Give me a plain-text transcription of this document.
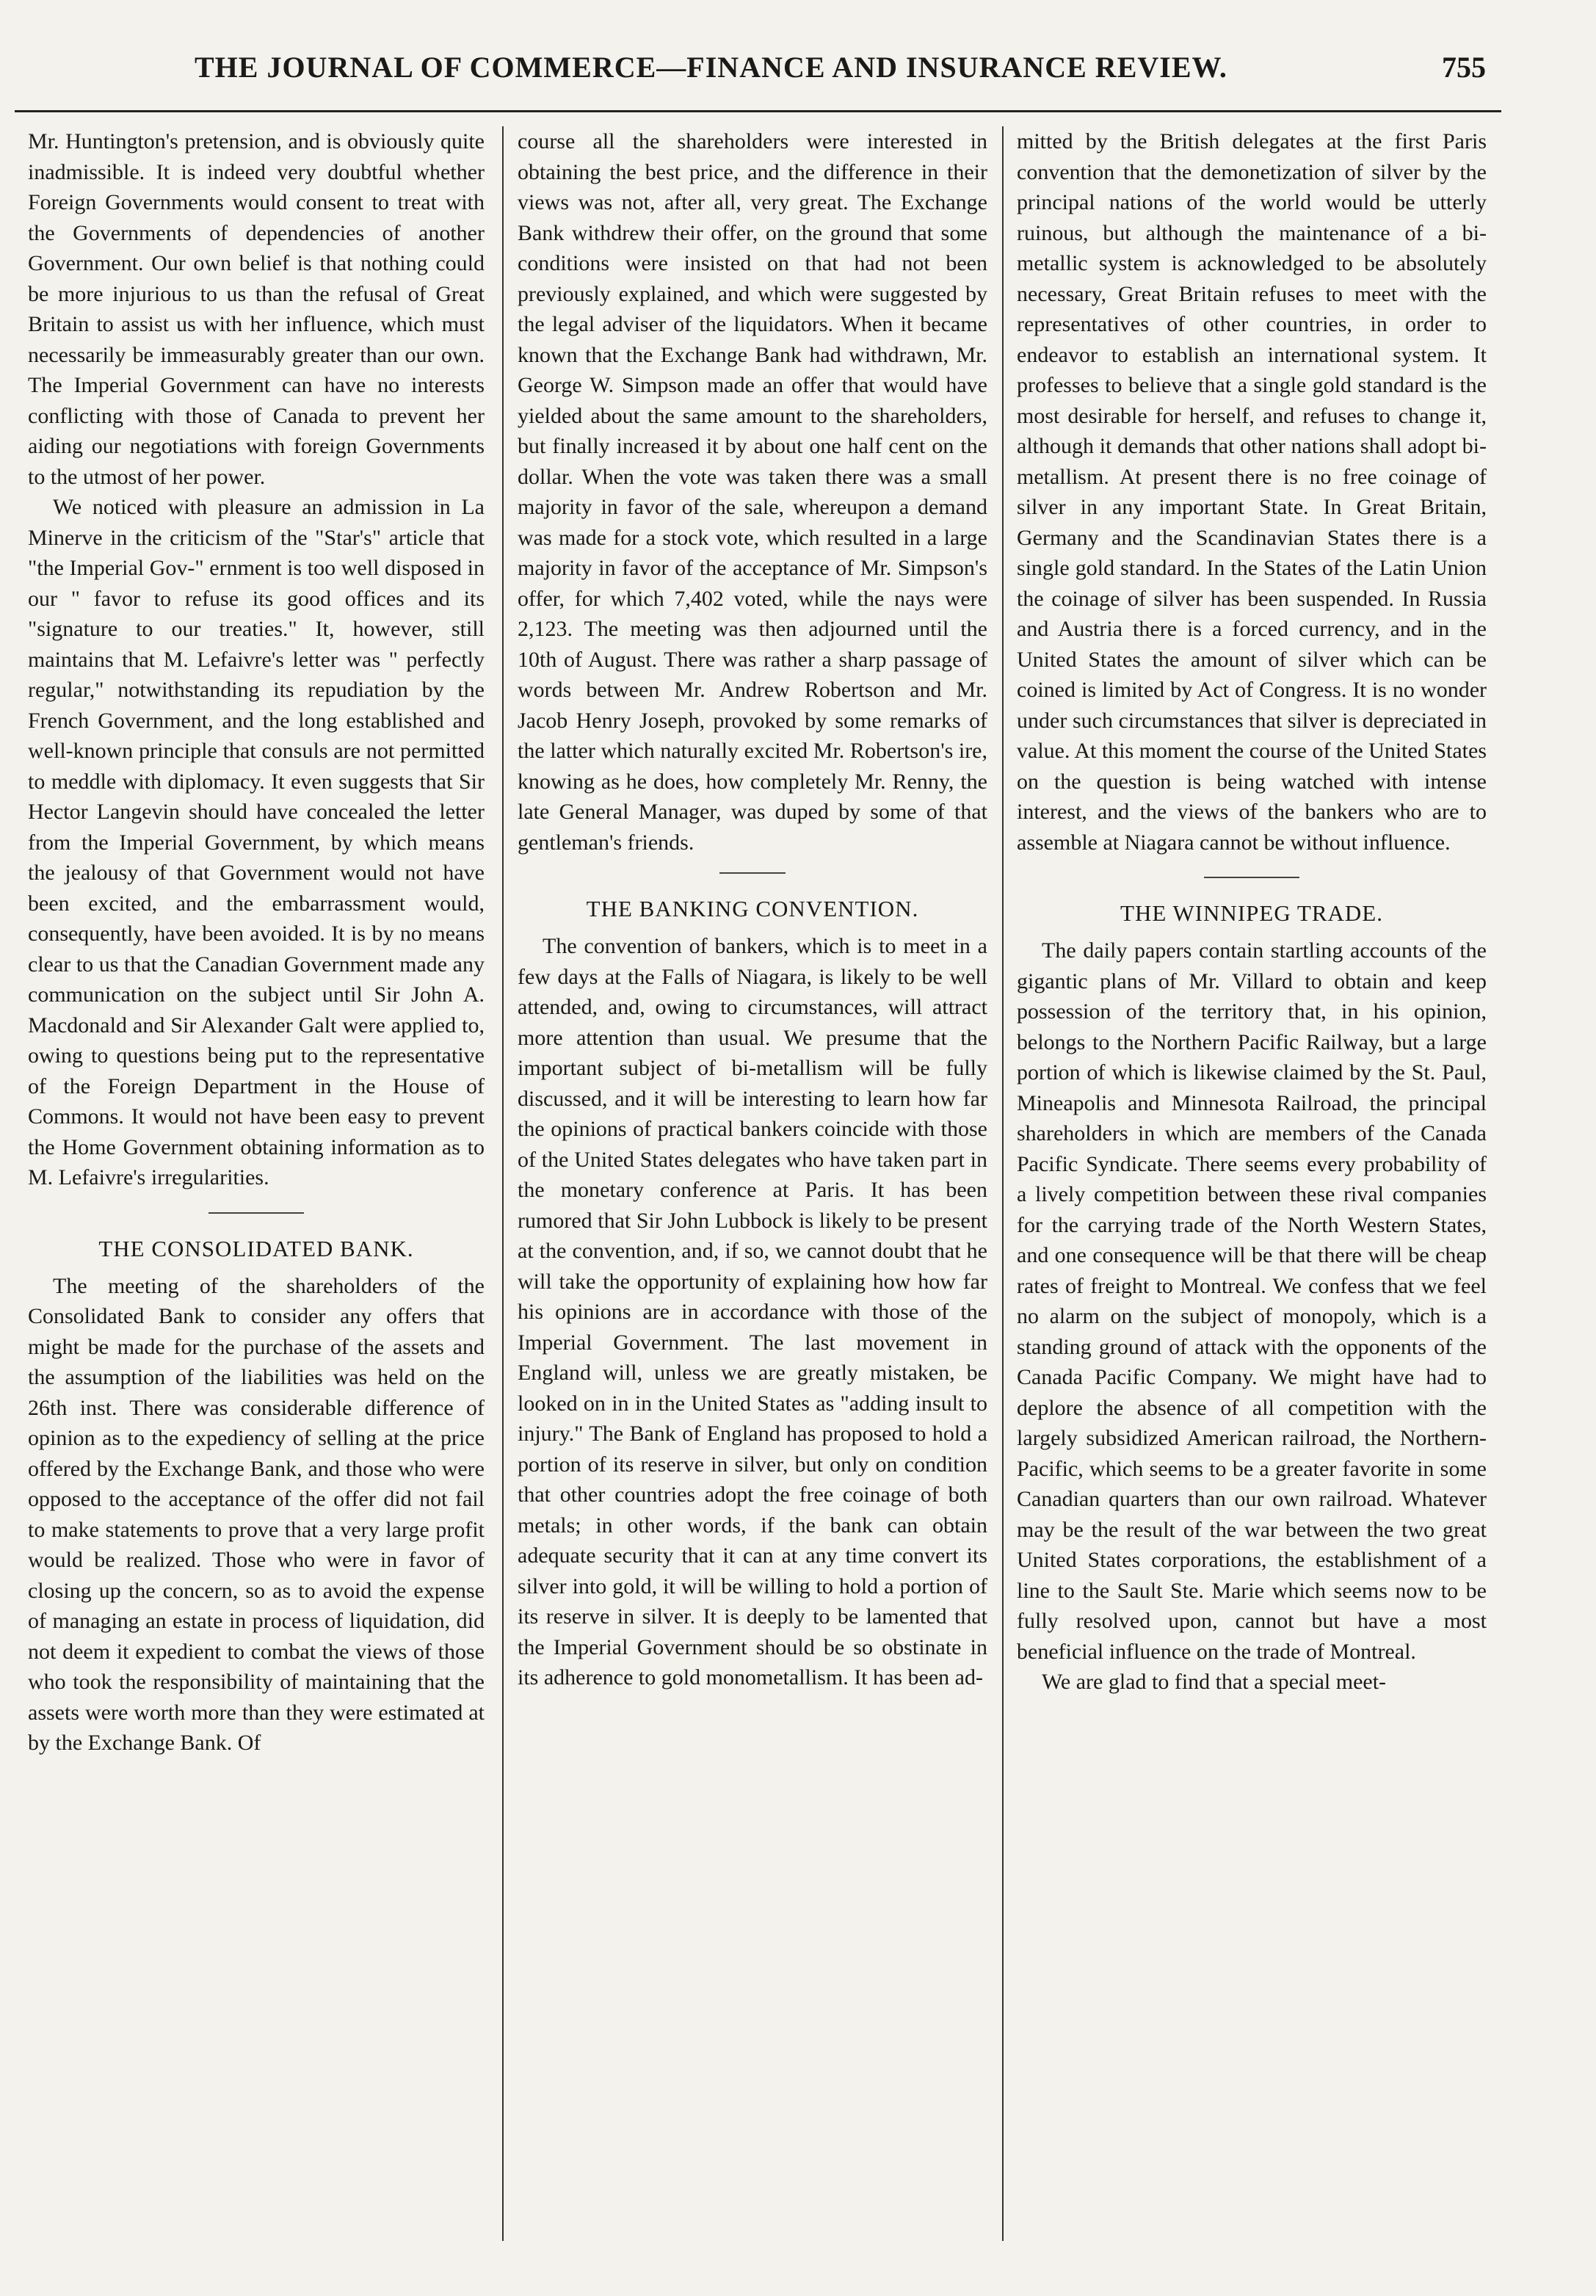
THE JOURNAL OF COMMERCE—FINANCE AND INSURANCE REVIEW.	755

Mr. Huntington's pretension, and is obviously quite inadmissible. It is indeed very doubtful whether Foreign Governments would consent to treat with the Governments of dependencies of another Government. Our own belief is that nothing could be more injurious to us than the refusal of Great Britain to assist us with her influence, which must necessarily be immeasurably greater than our own. The Imperial Government can have no interests conflicting with those of Canada to prevent her aiding our negotiations with foreign Governments to the utmost of her power.

We noticed with pleasure an admission in La Minerve in the criticism of the "Star's" article that "the Imperial Gov-" ernment is too well disposed in our " favor to refuse its good offices and its "signature to our treaties." It, however, still maintains that M. Lefaivre's letter was " perfectly regular," notwithstanding its repudiation by the French Government, and the long established and well-known principle that consuls are not permitted to meddle with diplomacy. It even suggests that Sir Hector Langevin should have concealed the letter from the Imperial Government, by which means the jealousy of that Government would not have been excited, and the embarrassment would, consequently, have been avoided. It is by no means clear to us that the Canadian Government made any communication on the subject until Sir John A. Macdonald and Sir Alexander Galt were applied to, owing to questions being put to the representative of the Foreign Department in the House of Commons. It would not have been easy to prevent the Home Government obtaining information as to M. Lefaivre's irregularities.

THE CONSOLIDATED BANK.

The meeting of the shareholders of the Consolidated Bank to consider any offers that might be made for the purchase of the assets and the assumption of the liabilities was held on the 26th inst. There was considerable difference of opinion as to the expediency of selling at the price offered by the Exchange Bank, and those who were opposed to the acceptance of the offer did not fail to make statements to prove that a very large profit would be realized. Those who were in favor of closing up the concern, so as to avoid the expense of managing an estate in process of liquidation, did not deem it expedient to combat the views of those who took the responsibility of maintaining that the assets were worth more than they were estimated at by the Exchange Bank. Of

course all the shareholders were interested in obtaining the best price, and the difference in their views was not, after all, very great. The Exchange Bank withdrew their offer, on the ground that some conditions were insisted on that had not been previously explained, and which were suggested by the legal adviser of the liquidators. When it became known that the Exchange Bank had withdrawn, Mr. George W. Simpson made an offer that would have yielded about the same amount to the shareholders, but finally increased it by about one half cent on the dollar. When the vote was taken there was a small majority in favor of the sale, whereupon a demand was made for a stock vote, which resulted in a large majority in favor of the acceptance of Mr. Simpson's offer, for which 7,402 voted, while the nays were 2,123. The meeting was then adjourned until the 10th of August. There was rather a sharp passage of words between Mr. Andrew Robertson and Mr. Jacob Henry Joseph, provoked by some remarks of the latter which naturally excited Mr. Robertson's ire, knowing as he does, how completely Mr. Renny, the late General Manager, was duped by some of that gentleman's friends.

THE BANKING CONVENTION.

The convention of bankers, which is to meet in a few days at the Falls of Niagara, is likely to be well attended, and, owing to circumstances, will attract more attention than usual. We presume that the important subject of bi-metallism will be fully discussed, and it will be interesting to learn how far the opinions of practical bankers coincide with those of the United States delegates who have taken part in the monetary conference at Paris. It has been rumored that Sir John Lubbock is likely to be present at the convention, and, if so, we cannot doubt that he will take the opportunity of explaining how how far his opinions are in accordance with those of the Imperial Government. The last movement in England will, unless we are greatly mistaken, be looked on in in the United States as "adding insult to injury." The Bank of England has proposed to hold a portion of its reserve in silver, but only on condition that other countries adopt the free coinage of both metals; in other words, if the bank can obtain adequate security that it can at any time convert its silver into gold, it will be willing to hold a portion of its reserve in silver. It is deeply to be lamented that the Imperial Government should be so obstinate in its adherence to gold monometallism. It has been ad-

mitted by the British delegates at the first Paris convention that the demonetization of silver by the principal nations of the world would be utterly ruinous, but although the maintenance of a bi-metallic system is acknowledged to be absolutely necessary, Great Britain refuses to meet with the representatives of other countries, in order to endeavor to establish an international system. It professes to believe that a single gold standard is the most desirable for herself, and refuses to change it, although it demands that other nations shall adopt bi-metallism. At present there is no free coinage of silver in any important State. In Great Britain, Germany and the Scandinavian States there is a single gold standard. In the States of the Latin Union the coinage of silver has been suspended. In Russia and Austria there is a forced currency, and in the United States the amount of silver which can be coined is limited by Act of Congress. It is no wonder under such circumstances that silver is depreciated in value. At this moment the course of the United States on the question is being watched with intense interest, and the views of the bankers who are to assemble at Niagara cannot be without influence.

THE WINNIPEG TRADE.

The daily papers contain startling accounts of the gigantic plans of Mr. Villard to obtain and keep possession of the territory that, in his opinion, belongs to the Northern Pacific Railway, but a large portion of which is likewise claimed by the St. Paul, Mineapolis and Minnesota Railroad, the principal shareholders in which are members of the Canada Pacific Syndicate. There seems every probability of a lively competition between these rival companies for the carrying trade of the North Western States, and one consequence will be that there will be cheap rates of freight to Montreal. We confess that we feel no alarm on the subject of monopoly, which is a standing ground of attack with the opponents of the Canada Pacific Company. We might have had to deplore the absence of all competition with the largely subsidized American railroad, the Northern-Pacific, which seems to be a greater favorite in some Canadian quarters than our own railroad. Whatever may be the result of the war between the two great United States corporations, the establishment of a line to the Sault Ste. Marie which seems now to be fully resolved upon, cannot but have a most beneficial influence on the trade of Montreal.

We are glad to find that a special meet-
